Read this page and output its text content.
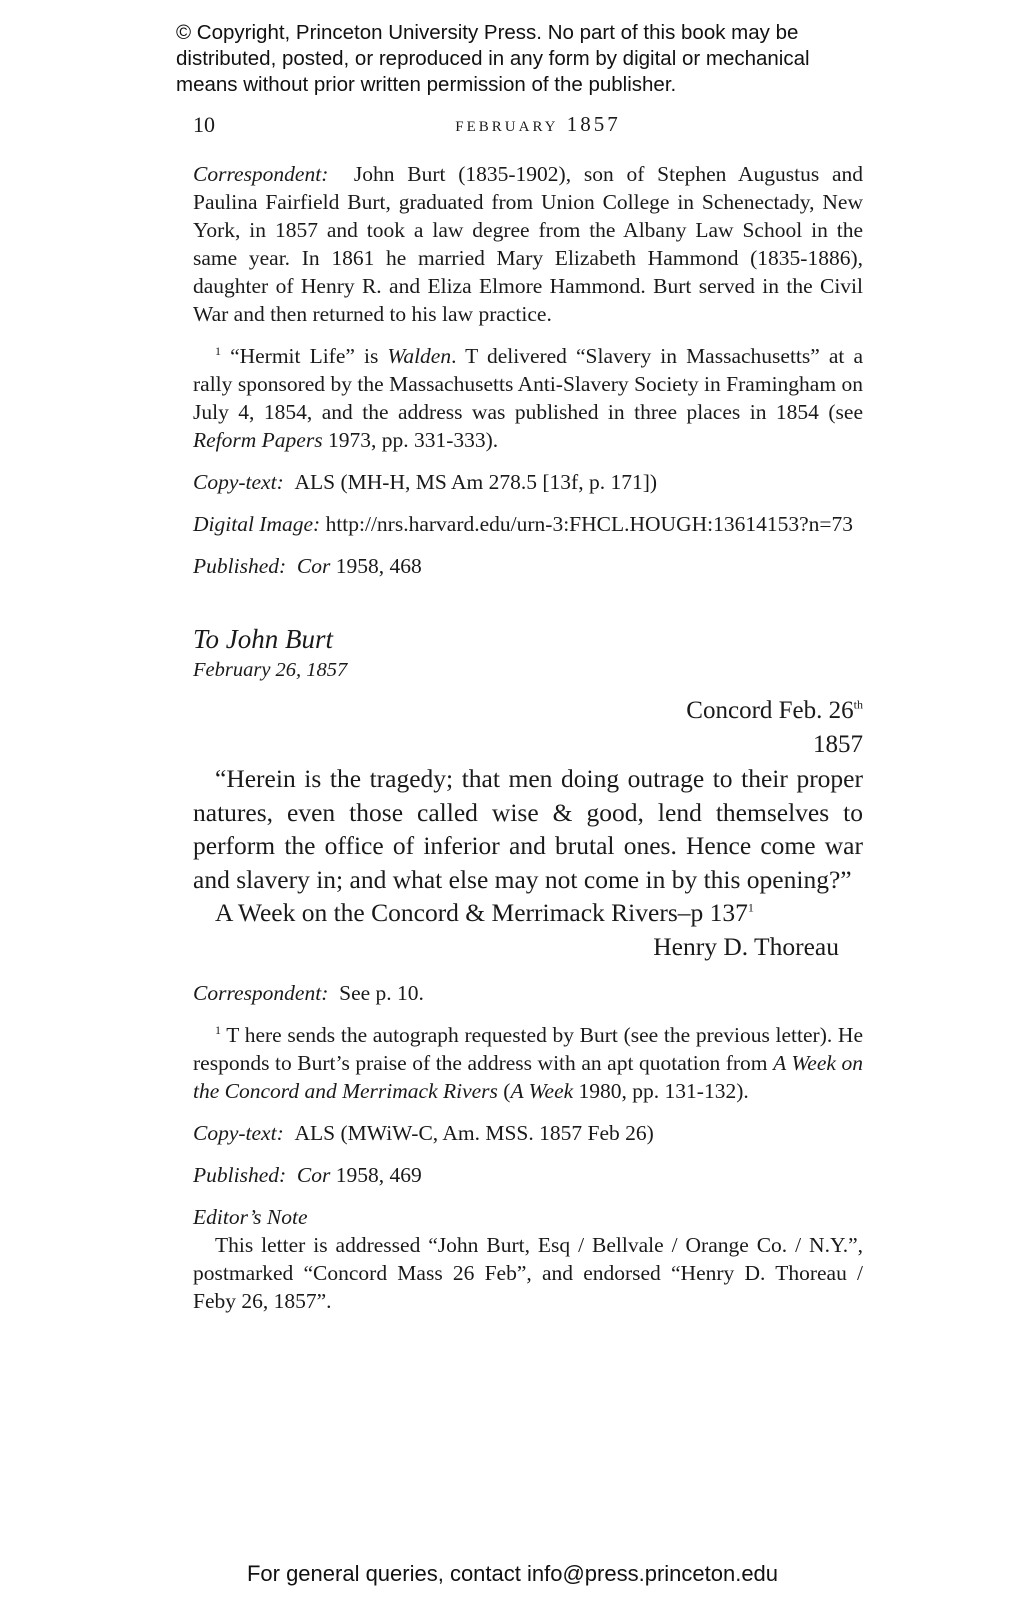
© Copyright, Princeton University Press. No part of this book may be
distributed, posted, or reproduced in any form by digital or mechanical
means without prior written permission of the publisher.
10	february 1857

Correspondent: John Burt (1835-1902), son of Stephen Augustus and Paulina Fairfield Burt, graduated from Union College in Schenectady, New York, in 1857 and took a law degree from the Albany Law School in the same year. In 1861 he married Mary Elizabeth Hammond (1835-1886), daughter of Henry R. and Eliza Elmore Hammond. Burt served in the Civil War and then returned to his law practice.

$^1$ “Hermit Life” is Walden. T delivered “Slavery in Massachusetts” at a rally sponsored by the Massachusetts Anti-Slavery Society in Framingham on July 4, 1854, and the address was published in three places in 1854 (see Reform Papers 1973, pp. 331-333).

Copy-text: ALS (MH-H, MS Am 278.5 [13f, p. 171])

Digital Image: http://nrs.harvard.edu/urn-3:FHCL.HOUGH:13614153?n=73

Published: Cor 1958, 468

To John Burt
February 26, 1857

Concord Feb. 26th

1857

“Herein is the tragedy; that men doing outrage to their proper natures, even those called wise & good, lend themselves to perform the office of inferior and brutal ones. Hence come war and slavery in; and what else may not come in by this opening?”

A Week on the Concord & Merrimack Rivers–p $137^1$

Henry D. Thoreau

Correspondent: See p. 10.

$^1$ T here sends the autograph requested by Burt (see the previous letter). He responds to Burt’s praise of the address with an apt quotation from A Week on the Concord and Merrimack Rivers (A Week 1980, pp. 131-132).

Copy-text: ALS (MWiW-C, Am. MSS. 1857 Feb 26)

Published: Cor 1958, 469

Editor’s Note

This letter is addressed “John Burt, Esq / Bellvale / Orange Co. / N.Y.”, postmarked “Concord Mass 26 Feb”, and endorsed “Henry D. Thoreau / Feby 26, 1857”.

For general queries, contact info@press.princeton.edu
